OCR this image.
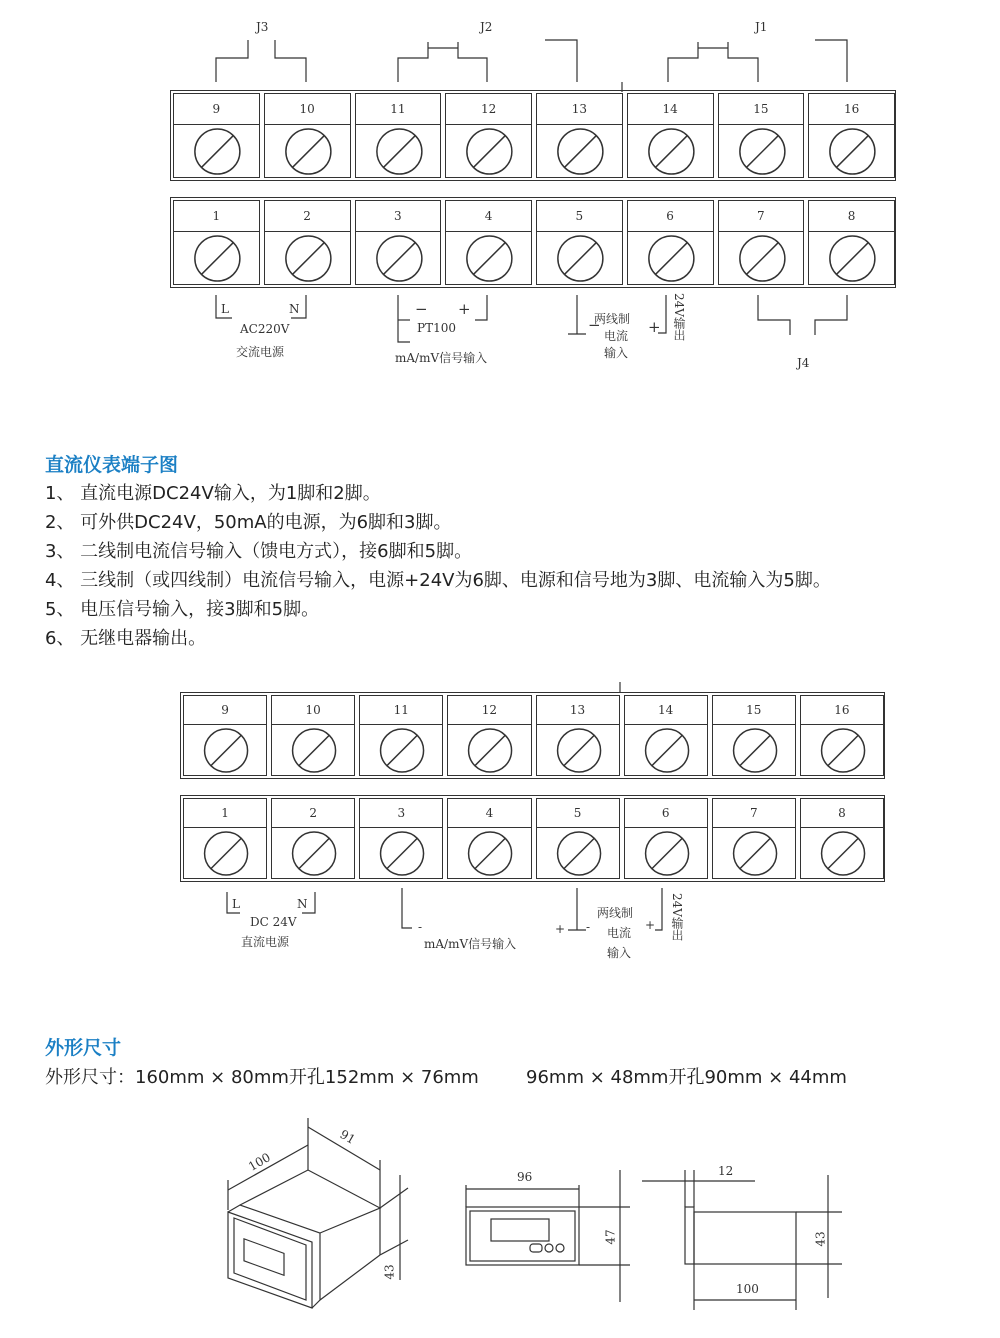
9	10	11	12	13	14	15	16
1	2	3	4	5	6	7	8
J3	J2	J1
J4
L	N
AC220V
交流电源
− +
PT100
mA/mV信号输入
−
两线制
电流
输入
+ 24V输出
直流仪表端子图
1、 直流电源DC24V输入，为1脚和2脚。
2、 可外供DC24V，50mA的电源，为6脚和3脚。
3、 二线制电流信号输入（馈电方式），接6脚和5脚。
4、 三线制（或四线制）电流信号输入，电源+24V为6脚、电源和信号地为3脚、电流输入为5脚。
5、 电压信号输入，接3脚和5脚。
6、 无继电器输出。
9	10	11	12	13	14	15	16
1	2	3	4	5	6	7	8
L	N
DC 24V
直流电源
-
mA/mV信号输入
+ -
两线制
电流
输入
+ 24V输出
外形尺寸
外形尺寸：160mm × 80mm开孔152mm × 76mm	96mm × 48mm开孔90mm × 44mm
100
91
43
96
47
12
43
100
